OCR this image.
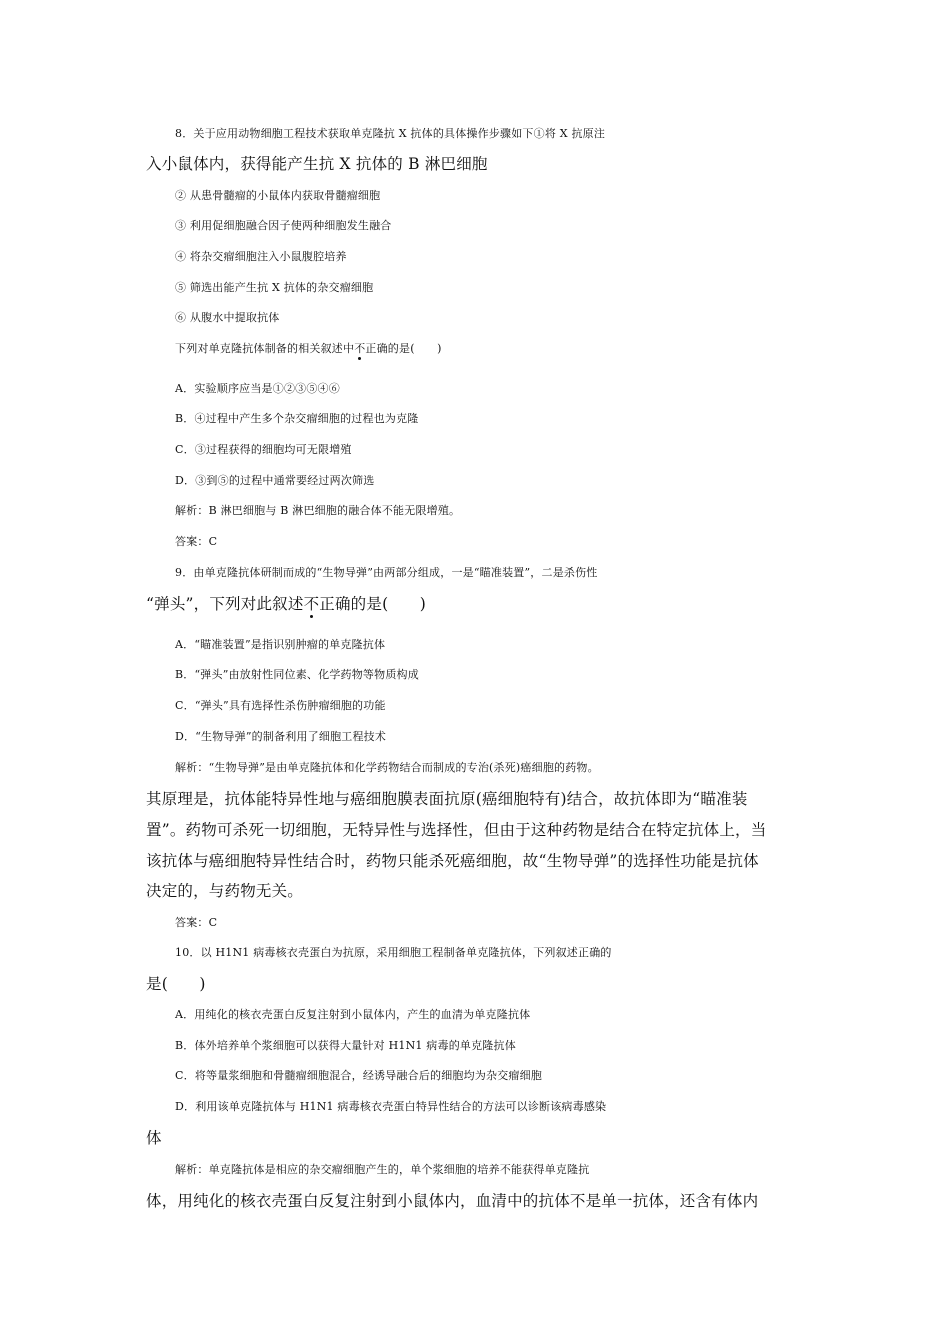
8．关于应用动物细胞工程技术获取单克隆抗 X 抗体的具体操作步骤如下①将 X 抗原注
入小鼠体内，获得能产生抗 X 抗体的 B 淋巴细胞
② 从患骨髓瘤的小鼠体内获取骨髓瘤细胞
③ 利用促细胞融合因子使两种细胞发生融合
④ 将杂交瘤细胞注入小鼠腹腔培养
⑤ 筛选出能产生抗 X 抗体的杂交瘤细胞
⑥ 从腹水中提取抗体
下列对单克隆抗体制备的相关叙述中不正确的是(　　)
A．实验顺序应当是①②③⑤④⑥
B．④过程中产生多个杂交瘤细胞的过程也为克隆
C．③过程获得的细胞均可无限增殖
D．③到⑤的过程中通常要经过两次筛选
解析：B 淋巴细胞与 B 淋巴细胞的融合体不能无限增殖。
答案：C
9．由单克隆抗体研制而成的“生物导弹”由两部分组成，一是“瞄准装置”，二是杀伤性
“弹头”，下列对此叙述不正确的是(　　)
A．“瞄准装置”是指识别肿瘤的单克隆抗体
B．“弹头”由放射性同位素、化学药物等物质构成
C．“弹头”具有选择性杀伤肿瘤细胞的功能
D．“生物导弹”的制备利用了细胞工程技术
解析：“生物导弹”是由单克隆抗体和化学药物结合而制成的专治(杀死)癌细胞的药物。
其原理是，抗体能特异性地与癌细胞膜表面抗原(癌细胞特有)结合，故抗体即为“瞄准装
置”。药物可杀死一切细胞，无特异性与选择性，但由于这种药物是结合在特定抗体上，当
该抗体与癌细胞特异性结合时，药物只能杀死癌细胞，故“生物导弹”的选择性功能是抗体
决定的，与药物无关。
答案：C
10．以 H1N1 病毒核衣壳蛋白为抗原，采用细胞工程制备单克隆抗体，下列叙述正确的
是(　　)
A．用纯化的核衣壳蛋白反复注射到小鼠体内，产生的血清为单克隆抗体
B．体外培养单个浆细胞可以获得大量针对 H1N1 病毒的单克隆抗体
C．将等量浆细胞和骨髓瘤细胞混合，经诱导融合后的细胞均为杂交瘤细胞
D．利用该单克隆抗体与 H1N1 病毒核衣壳蛋白特异性结合的方法可以诊断该病毒感染
体
解析：单克隆抗体是相应的杂交瘤细胞产生的，单个浆细胞的培养不能获得单克隆抗
体，用纯化的核衣壳蛋白反复注射到小鼠体内，血清中的抗体不是单一抗体，还含有体内
